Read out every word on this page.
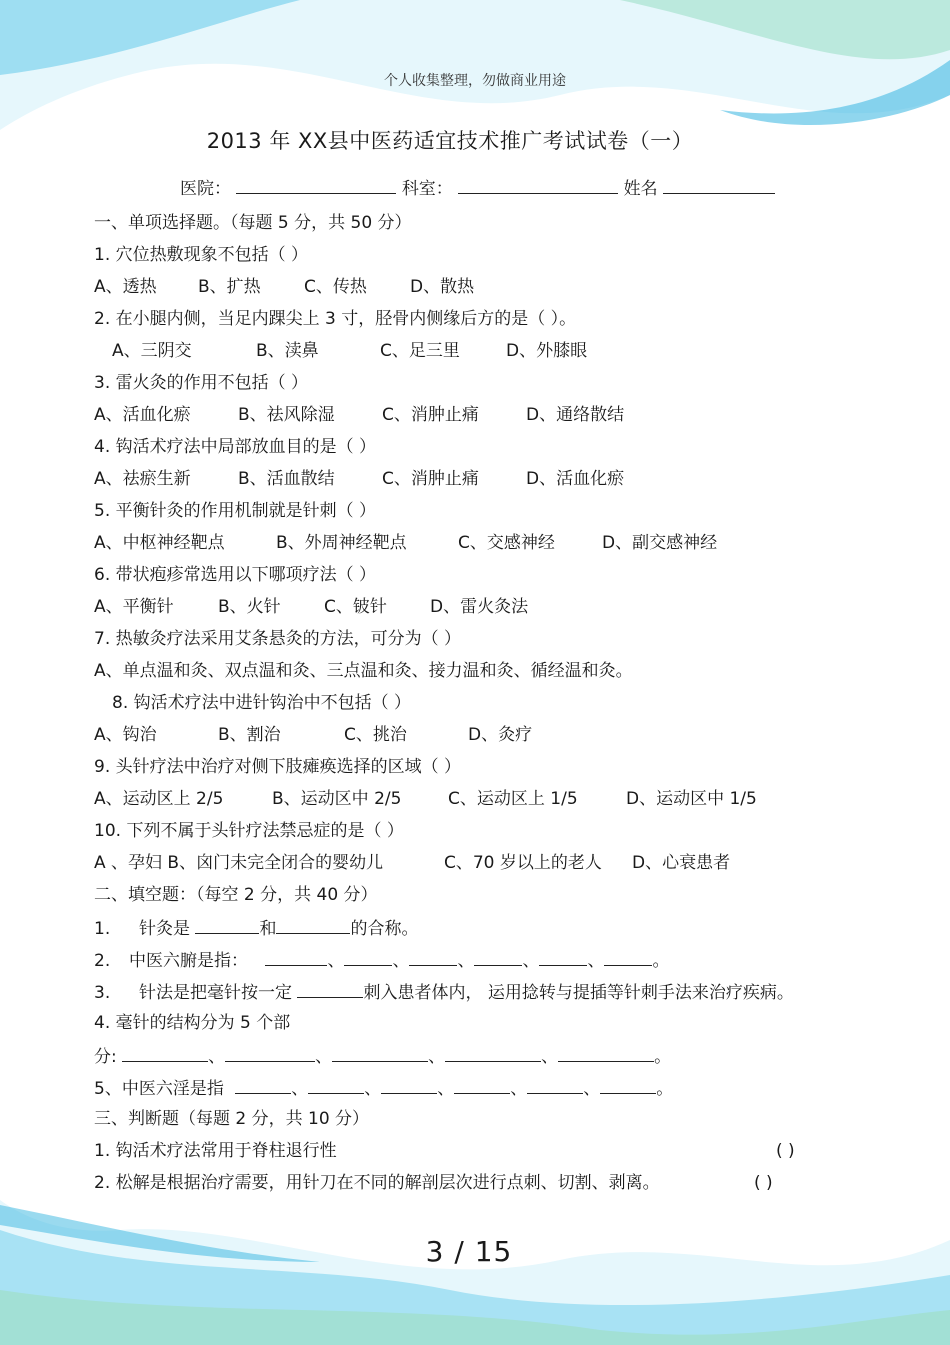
个人收集整理，勿做商业用途
2013 年 XX县中医药适宜技术推广考试试卷（一）
医院：	科室：	姓名
一、单项选择题。（每题 5 分，共 50 分）
1. 穴位热敷现象不包括（ ）
A、透热 B、扩热	C、传热	D、散热
2. 在小腿内侧，当足内踝尖上 3 寸，胫骨内侧缘后方的是（ ）。
A、三阴交	B、渎鼻	C、足三里	D、外膝眼
3. 雷火灸的作用不包括（ ）
A、活血化瘀	B、祛风除湿	C、消肿止痛	D、通络散结
4. 钩活术疗法中局部放血目的是（ ）
A、祛瘀生新	B、活血散结	C、消肿止痛	D、活血化瘀
5. 平衡针灸的作用机制就是针刺（ ）
A、中枢神经靶点	B、外周神经靶点	C、交感神经	D、副交感神经
6. 带状疱疹常选用以下哪项疗法（ ）
A、平衡针	B、火针	C、铍针	D、雷火灸法
7. 热敏灸疗法采用艾条悬灸的方法，可分为（ ）
A、单点温和灸、双点温和灸、三点温和灸、接力温和灸、循经温和灸。
8. 钩活术疗法中进针钩治中不包括（ ）
A、钩治	B、割治	C、挑治	D、灸疗
9. 头针疗法中治疗对侧下肢瘫痪选择的区域（ ）
A、运动区上 2/5	B、运动区中 2/5	C、运动区上 1/5	D、运动区中 1/5
10. 下列不属于头针疗法禁忌症的是（ ）
A 、孕妇 B、囟门未完全闭合的婴幼儿	C、70 岁以上的老人 D、心衰患者
二、填空题：（每空 2 分，共 40 分）
1. 针灸是	和	的合称。
2. 中医六腑是指：	、	、	、	、	、	。
3. 针法是把毫针按一定	刺入患者体内， 运用捻转与提插等针刺手法来治疗疾病。
4. 毫针的结构分为 5 个部
分:	、	、	、	、	。
5、中医六淫是指	、	、	、	、	、	。
三、判断题（每题 2 分，共 10 分）
1. 钩活术疗法常用于脊柱退行性	( )
2. 松解是根据治疗需要，用针刀在不同的解剖层次进行点刺、切割、剥离。	( )
3 / 15
